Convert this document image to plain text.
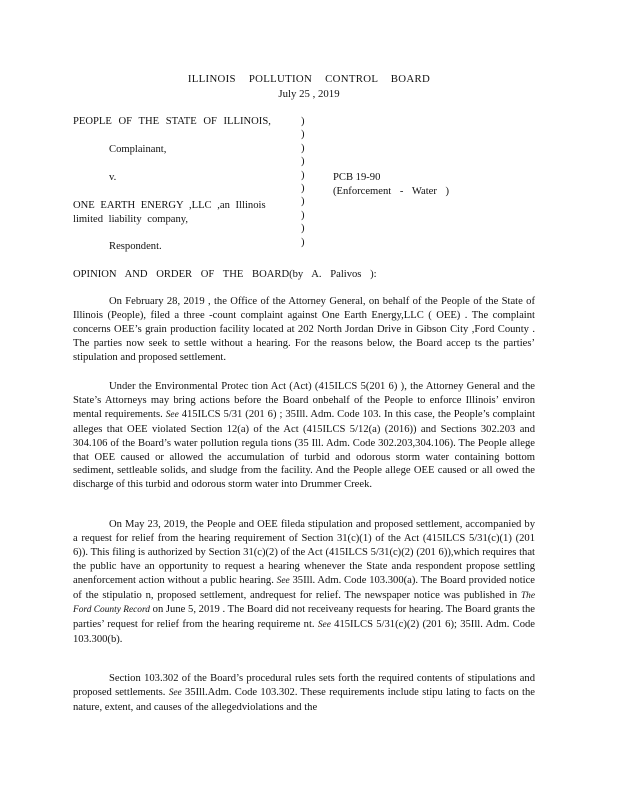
ILLINOIS POLLUTION CONTROL BOARD
July 25 , 2019
PEOPLE OF THE STATE OF ILLINOIS,
Complainant,
v.
ONE EARTH ENERGY ,LLC ,an Illinois
limited liability company,
Respondent.
)
)
)
)
)
)
)
)
)
)
PCB 19-90
(Enforcement - Water )
OPINION AND ORDER OF THE BOARD(by A. Palivos ):

On February 28, 2019 , the Office of the Attorney General, on behalf of the People of the State of Illinois (People), filed a three -count complaint against One Earth Energy,LLC ( OEE) . The complaint concerns OEE’s grain production facility located at 202 North Jordan Drive in Gibson City ,Ford County . The parties now seek to settle without a hearing. For the reasons below, the Board accep ts the parties’ stipulation and proposed settlement.

Under the Environmental Protec tion Act (Act) (415ILCS 5(201 6) ), the Attorney General and the State’s Attorneys may bring actions before the Board onbehalf of the People to enforce Illinois’ environ mental requirements. See 415ILCS 5/31 (201 6) ; 35Ill. Adm. Code 103. In this case, the People’s complaint alleges that OEE violated Section 12(a) of the Act (415ILCS 5/12(a) (2016)) and Sections 302.203 and 304.106 of the Board’s water pollution regula tions (35 Ill. Adm. Code 302.203,304.106). The People allege that OEE caused or allowed the accumulation of turbid and odorous storm water containing bottom sediment, settleable solids, and sludge from the facility. And the People allege OEE caused or all owed the discharge of this turbid and odorous storm water into Drummer Creek.

On May 23, 2019, the People and OEE fileda stipulation and proposed settlement, accompanied by a request for relief from the hearing requirement of Section 31(c)(1) of the Act (415ILCS 5/31(c)(1) (201 6)). This filing is authorized by Section 31(c)(2) of the Act (415ILCS 5/31(c)(2) (201 6)),which requires that the public have an opportunity to request a hearing whenever the State anda respondent propose settling anenforcement action without a public hearing. See 35Ill. Adm. Code 103.300(a). The Board provided notice of the stipulatio n, proposed settlement, andrequest for relief. The newspaper notice was published in The Ford County Record on June 5, 2019 . The Board did not receiveany requests for hearing. The Board grants the parties’ request for relief from the hearing requireme nt. See 415ILCS 5/31(c)(2) (201 6); 35Ill. Adm. Code 103.300(b).

Section 103.302 of the Board’s procedural rules sets forth the required contents of stipulations and proposed settlements. See 35Ill.Adm. Code 103.302. These requirements include stipu lating to facts on the nature, extent, and causes of the allegedviolations and the
